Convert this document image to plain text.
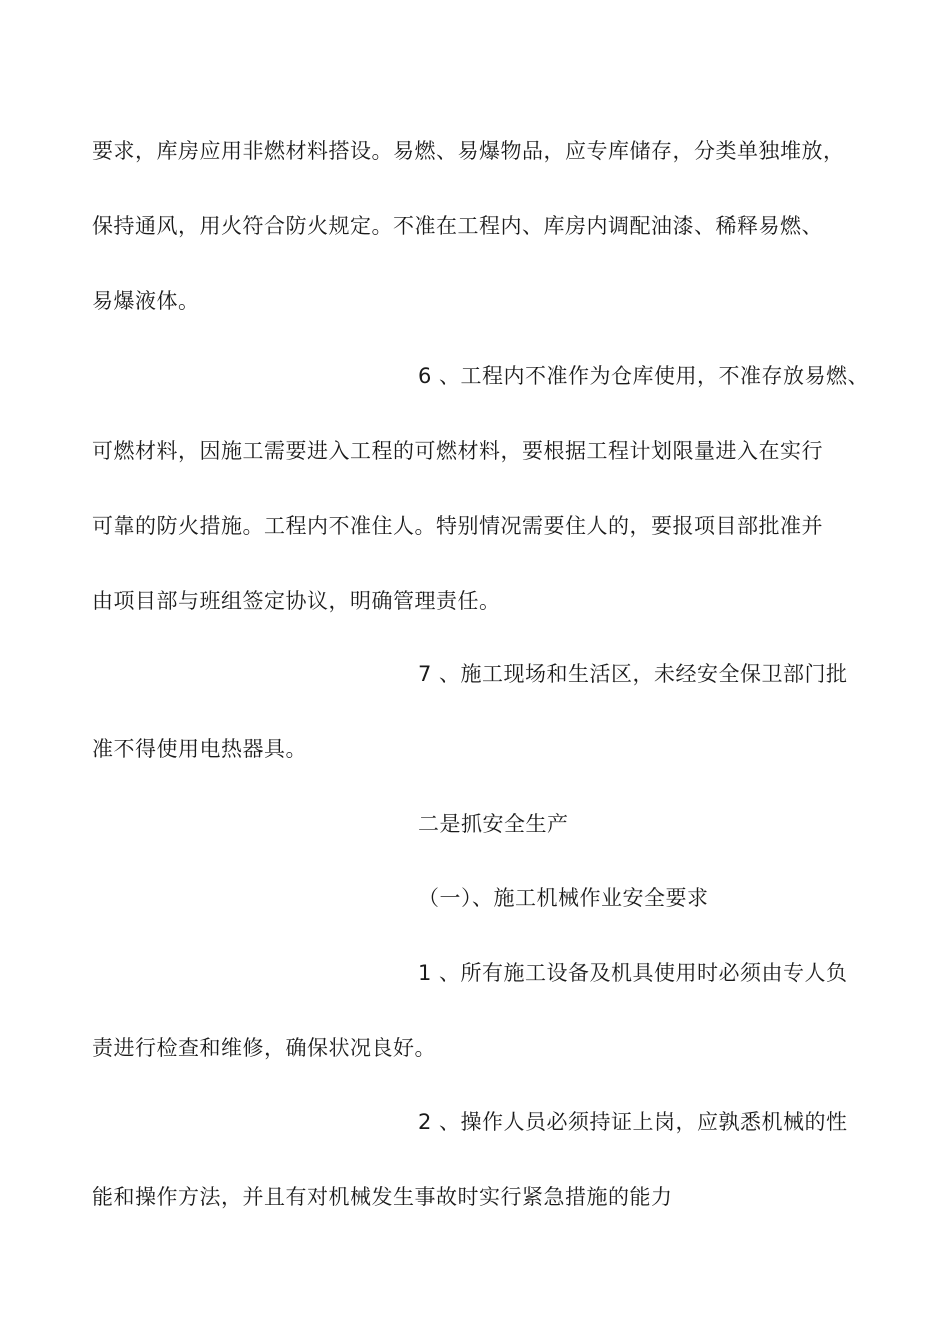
要求，库房应用非燃材料搭设。易燃、易爆物品，应专库储存，分类单独堆放，
保持通风，用火符合防火规定。不准在工程内、库房内调配油漆、稀释易燃、
易爆液体。
6 、工程内不准作为仓库使用，不准存放易燃、
可燃材料，因施工需要进入工程的可燃材料，要根据工程计划限量进入在实行
可靠的防火措施。工程内不准住人。特别情况需要住人的，要报项目部批准并
由项目部与班组签定协议，明确管理责任。
7 、施工现场和生活区，未经安全保卫部门批
准不得使用电热器具。
二是抓安全生产
（一）、施工机械作业安全要求
1 、所有施工设备及机具使用时必须由专人负
责进行检查和维修，确保状况良好。
2 、操作人员必须持证上岗，应孰悉机械的性
能和操作方法，并且有对机械发生事故时实行紧急措施的能力
